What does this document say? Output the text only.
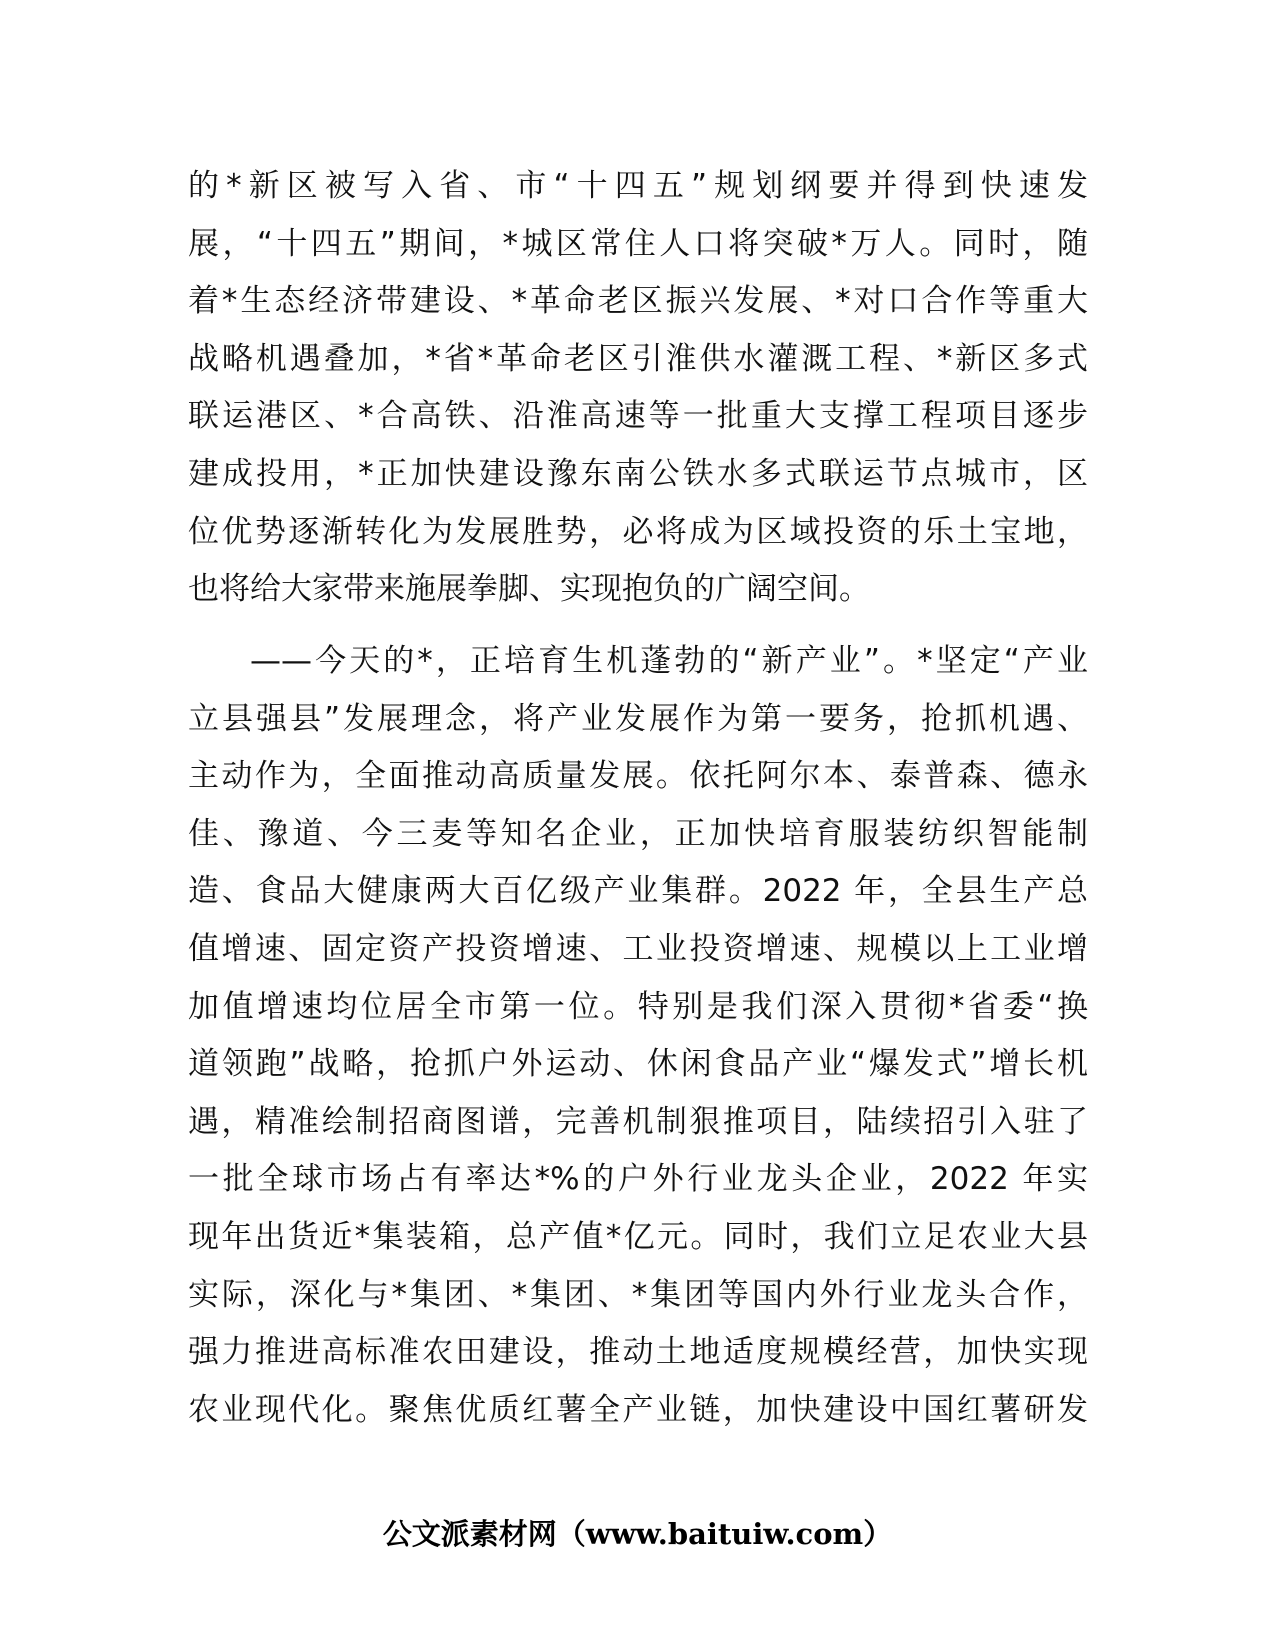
的*新区被写入省、市“十四五”规划纲要并得到快速发
展，“十四五”期间，*城区常住人口将突破*万人。同时，随
着*生态经济带建设、*革命老区振兴发展、*对口合作等重大
战略机遇叠加，*省*革命老区引淮供水灌溉工程、*新区多式
联运港区、*合高铁、沿淮高速等一批重大支撑工程项目逐步
建成投用，*正加快建设豫东南公铁水多式联运节点城市，区
位优势逐渐转化为发展胜势，必将成为区域投资的乐土宝地，
也将给大家带来施展拳脚、实现抱负的广阔空间。
——今天的*，正培育生机蓬勃的“新产业”。*坚定“产业
立县强县”发展理念，将产业发展作为第一要务，抢抓机遇、
主动作为，全面推动高质量发展。依托阿尔本、泰普森、德永
佳、豫道、今三麦等知名企业，正加快培育服装纺织智能制
造、食品大健康两大百亿级产业集群。2022 年，全县生产总
值增速、固定资产投资增速、工业投资增速、规模以上工业增
加值增速均位居全市第一位。特别是我们深入贯彻*省委“换
道领跑”战略，抢抓户外运动、休闲食品产业“爆发式”增长机
遇，精准绘制招商图谱，完善机制狠推项目，陆续招引入驻了
一批全球市场占有率达*%的户外行业龙头企业，2022 年实
现年出货近*集装箱，总产值*亿元。同时，我们立足农业大县
实际，深化与*集团、*集团、*集团等国内外行业龙头合作，
强力推进高标准农田建设，推动土地适度规模经营，加快实现
农业现代化。聚焦优质红薯全产业链，加快建设中国红薯研发
公文派素材网（www.baituiw.com）
